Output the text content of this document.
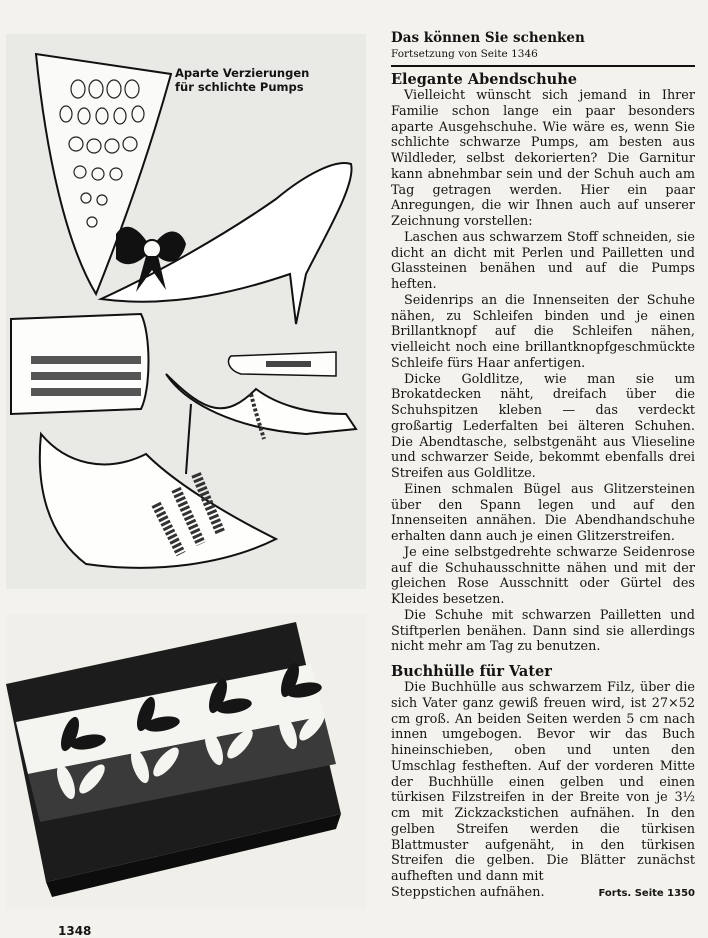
Aparte Verzierungen
für schlichte Pumps
Das können Sie schenken
Fortsetzung von Seite 1346
Elegante Abendschuhe

Vielleicht wünscht sich jemand in Ihrer Familie schon lange ein paar besonders aparte Ausgehschuhe. Wie wäre es, wenn Sie schlichte schwarze Pumps, am besten aus Wildleder, selbst dekorierten? Die Garnitur kann abnehmbar sein und der Schuh auch am Tag getragen werden. Hier ein paar Anregungen, die wir Ihnen auch auf unserer Zeichnung vorstellen:

Laschen aus schwarzem Stoff schneiden, sie dicht an dicht mit Perlen und Pailletten und Glassteinen benähen und auf die Pumps heften.

Seidenrips an die Innenseiten der Schuhe nähen, zu Schleifen binden und je einen Brillantknopf auf die Schleifen nähen, vielleicht noch eine brillantknopfgeschmückte Schleife fürs Haar anfertigen.

Dicke Goldlitze, wie man sie um Brokatdecken näht, dreifach über die Schuhspitzen kleben — das verdeckt großartig Lederfalten bei älteren Schuhen. Die Abendtasche, selbstgenäht aus Vlieseline und schwarzer Seide, bekommt ebenfalls drei Streifen aus Goldlitze.

Einen schmalen Bügel aus Glitzersteinen über den Spann legen und auf den Innenseiten annähen. Die Abendhandschuhe erhalten dann auch je einen Glitzerstreifen.

Je eine selbstgedrehte schwarze Seidenrose auf die Schuhausschnitte nähen und mit der gleichen Rose Ausschnitt oder Gürtel des Kleides besetzen.

Die Schuhe mit schwarzen Pailletten und Stiftperlen benähen. Dann sind sie allerdings nicht mehr am Tag zu benutzen.

Buchhülle für Vater

Die Buchhülle aus schwarzem Filz, über die sich Vater ganz gewiß freuen wird, ist 27×52 cm groß. An beiden Seiten werden 5 cm nach innen umgebogen. Bevor wir das Buch hineinschieben, oben und unten den Umschlag festheften. Auf der vorderen Mitte der Buchhülle einen gelben und einen türkisen Filzstreifen in der Breite von je 3½ cm mit Zickzackstichen aufnähen. In den gelben Streifen werden die türkisen Blattmuster aufgenäht, in den türkisen Streifen die gelben. Die Blätter zunächst aufheften und dann mit

Steppstichen aufnähen.	Forts. Seite 1350
1348
